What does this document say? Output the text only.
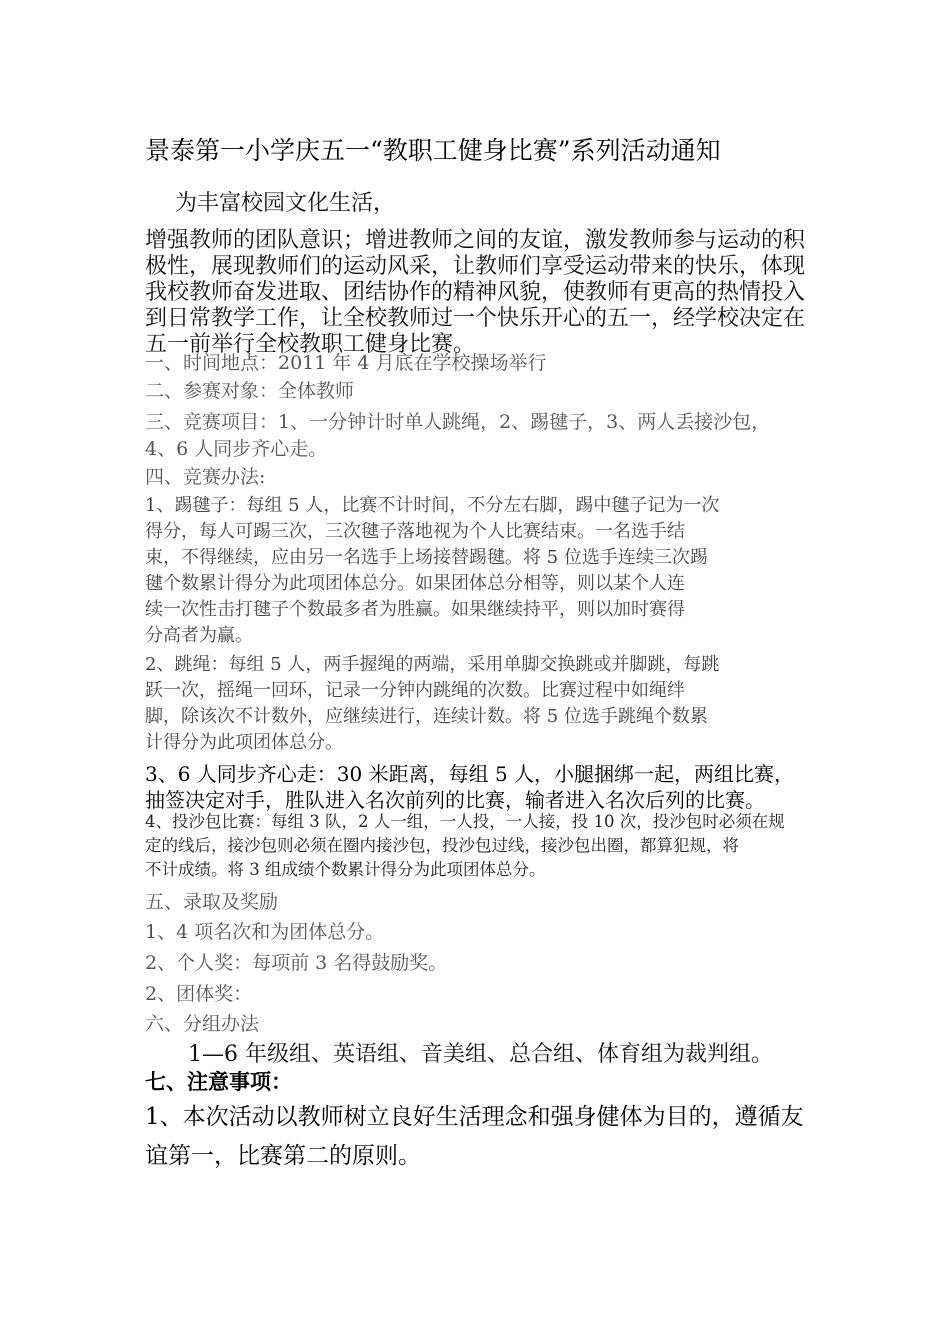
景泰第一小学庆五一“教职工健身比赛”系列活动通知
为丰富校园文化生活，
增强教师的团队意识；增进教师之间的友谊，激发教师参与运动的积
极性，展现教师们的运动风采，让教师们享受运动带来的快乐，体现
我校教师奋发进取、团结协作的精神风貌，使教师有更高的热情投入
到日常教学工作，让全校教师过一个快乐开心的五一，经学校决定在
五一前举行全校教职工健身比赛。
一、时间地点：2011 年 4 月底在学校操场举行
二、参赛对象：全体教师
三、竞赛项目：1、一分钟计时单人跳绳，2、踢毽子，3、两人丢接沙包，
4、6 人同步齐心走。
四、竞赛办法:
1、踢毽子：每组 5 人，比赛不计时间，不分左右脚，踢中毽子记为一次
得分，每人可踢三次，三次毽子落地视为个人比赛结束。一名选手结
束，不得继续，应由另一名选手上场接替踢毽。将 5 位选手连续三次踢
毽个数累计得分为此项团体总分。如果团体总分相等，则以某个人连
续一次性击打毽子个数最多者为胜赢。如果继续持平，则以加时赛得
分高者为赢。
2、跳绳：每组 5 人，两手握绳的两端，采用单脚交换跳或并脚跳，每跳
跃一次，摇绳一回环，记录一分钟内跳绳的次数。比赛过程中如绳绊
脚，除该次不计数外，应继续进行，连续计数。将 5 位选手跳绳个数累
计得分为此项团体总分。
3、6 人同步齐心走：30 米距离，每组 5 人，小腿捆绑一起，两组比赛，
抽签决定对手，胜队进入名次前列的比赛，输者进入名次后列的比赛。
4、投沙包比赛：每组 3 队，2 人一组，一人投，一人接，投 10 次，投沙包时必须在规
定的线后，接沙包则必须在圈内接沙包，投沙包过线，接沙包出圈，都算犯规，将
不计成绩。将 3 组成绩个数累计得分为此项团体总分。
五、录取及奖励
1、4 项名次和为团体总分。
2、个人奖：每项前 3 名得鼓励奖。
2、团体奖：
六、分组办法
1—6 年级组、英语组、音美组、总合组、体育组为裁判组。
七、注意事项：
1、本次活动以教师树立良好生活理念和强身健体为目的，遵循友
谊第一，比赛第二的原则。
